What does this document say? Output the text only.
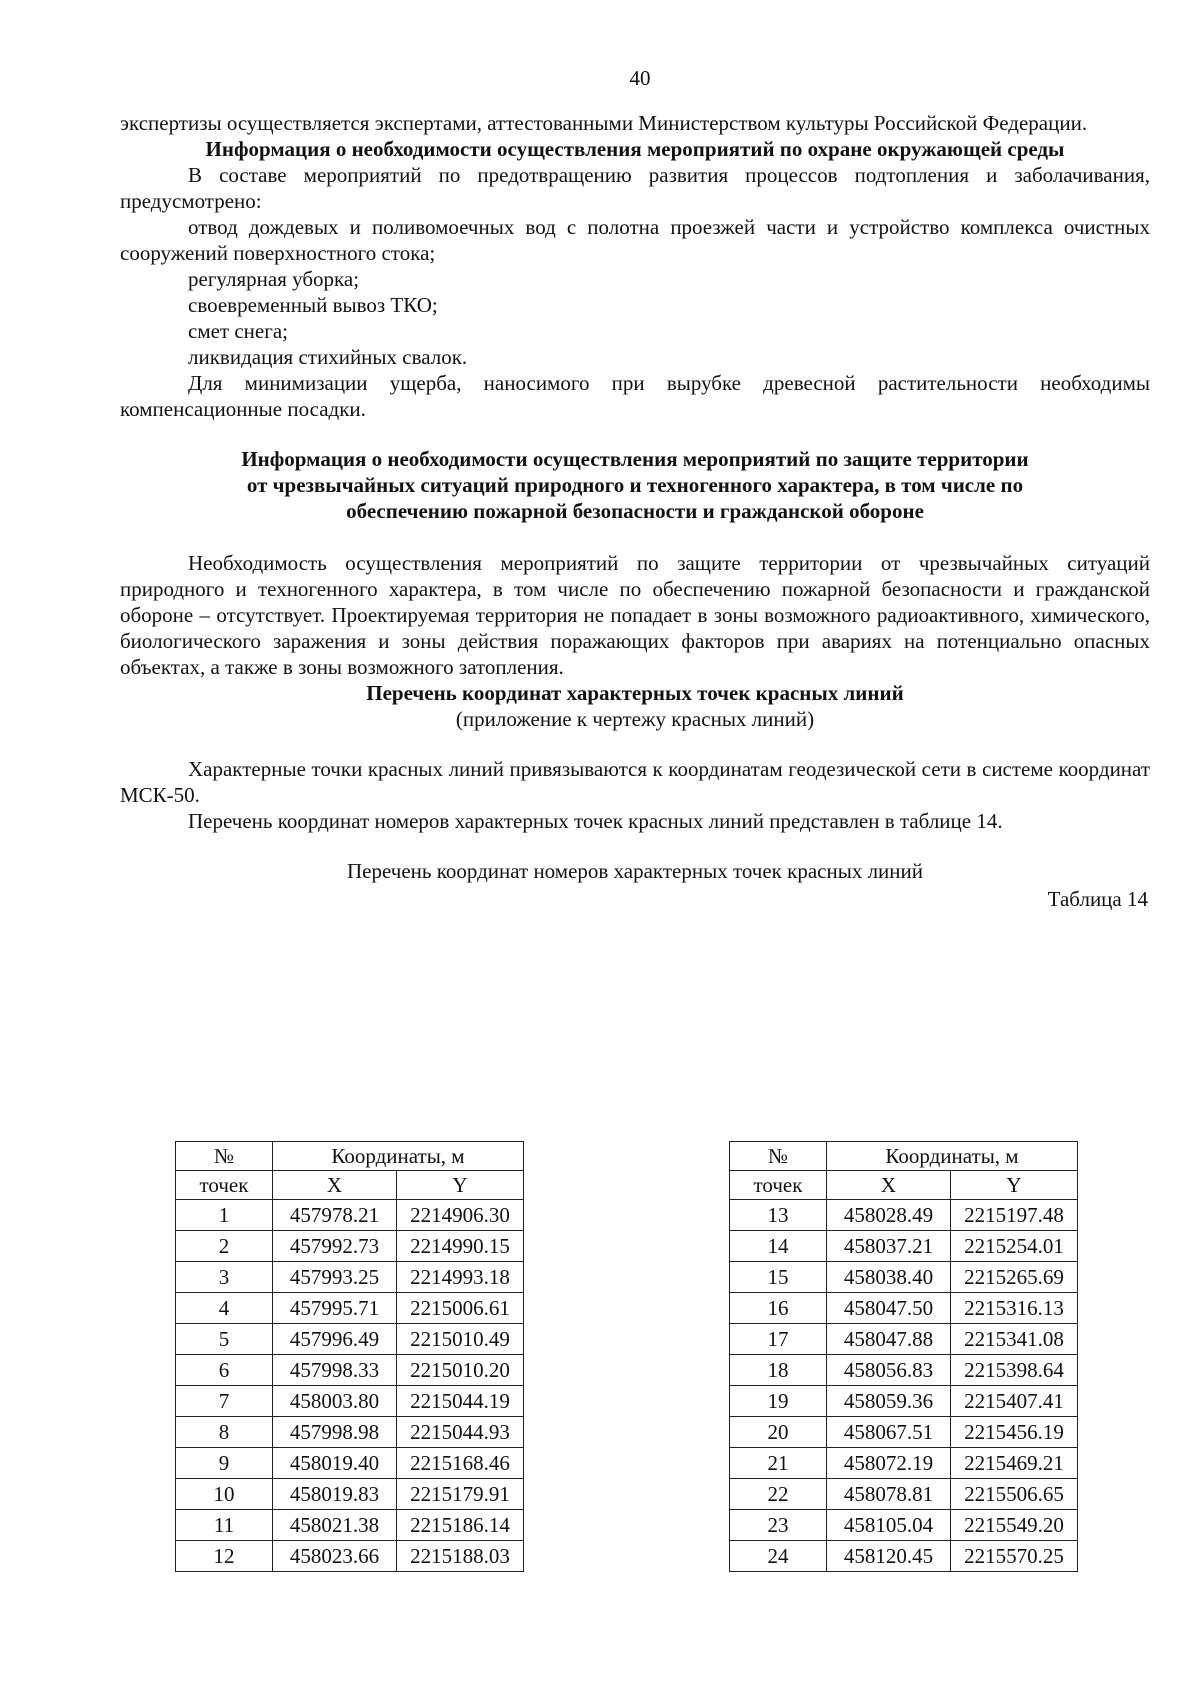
40

экспертизы осуществляется экспертами, аттестованными Министерством культуры Российской Федерации.

Информация о необходимости осуществления мероприятий по охране окружающей среды

В составе мероприятий по предотвращению развития процессов подтопления и заболачивания, предусмотрено:

отвод дождевых и поливомоечных вод с полотна проезжей части и устройство комплекса очистных сооружений поверхностного стока;

регулярная уборка;

своевременный вывоз ТКО;

смет снега;

ликвидация стихийных свалок.

Для минимизации ущерба, наносимого при вырубке древесной растительности необходимы компенсационные посадки.

Информация о необходимости осуществления мероприятий по защите территории
от чрезвычайных ситуаций природного и техногенного характера, в том числе по
обеспечению пожарной безопасности и гражданской обороне

Необходимость осуществления мероприятий по защите территории от чрезвычайных ситуаций природного и техногенного характера, в том числе по обеспечению пожарной безопасности и гражданской обороне – отсутствует. Проектируемая территория не попадает в зоны возможного радиоактивного, химического, биологического заражения и зоны действия поражающих факторов при авариях на потенциально опасных объектах, а также в зоны возможного затопления.

Перечень координат характерных точек красных линий

(приложение к чертежу красных линий)

Характерные точки красных линий привязываются к координатам геодезической сети в системе координат МСК-50.

Перечень координат номеров характерных точек красных линий представлен в таблице 14.

Перечень координат номеров характерных точек красных линий

Таблица 14

№	Координаты, м	
точек	X	Y
1	457978.21	2214906.30
2	457992.73	2214990.15
3	457993.25	2214993.18
4	457995.71	2215006.61
5	457996.49	2215010.49
6	457998.33	2215010.20
7	458003.80	2215044.19
8	457998.98	2215044.93
9	458019.40	2215168.46
10	458019.83	2215179.91
11	458021.38	2215186.14
12	458023.66	2215188.03
№	Координаты, м	
точек	X	Y
13	458028.49	2215197.48
14	458037.21	2215254.01
15	458038.40	2215265.69
16	458047.50	2215316.13
17	458047.88	2215341.08
18	458056.83	2215398.64
19	458059.36	2215407.41
20	458067.51	2215456.19
21	458072.19	2215469.21
22	458078.81	2215506.65
23	458105.04	2215549.20
24	458120.45	2215570.25
